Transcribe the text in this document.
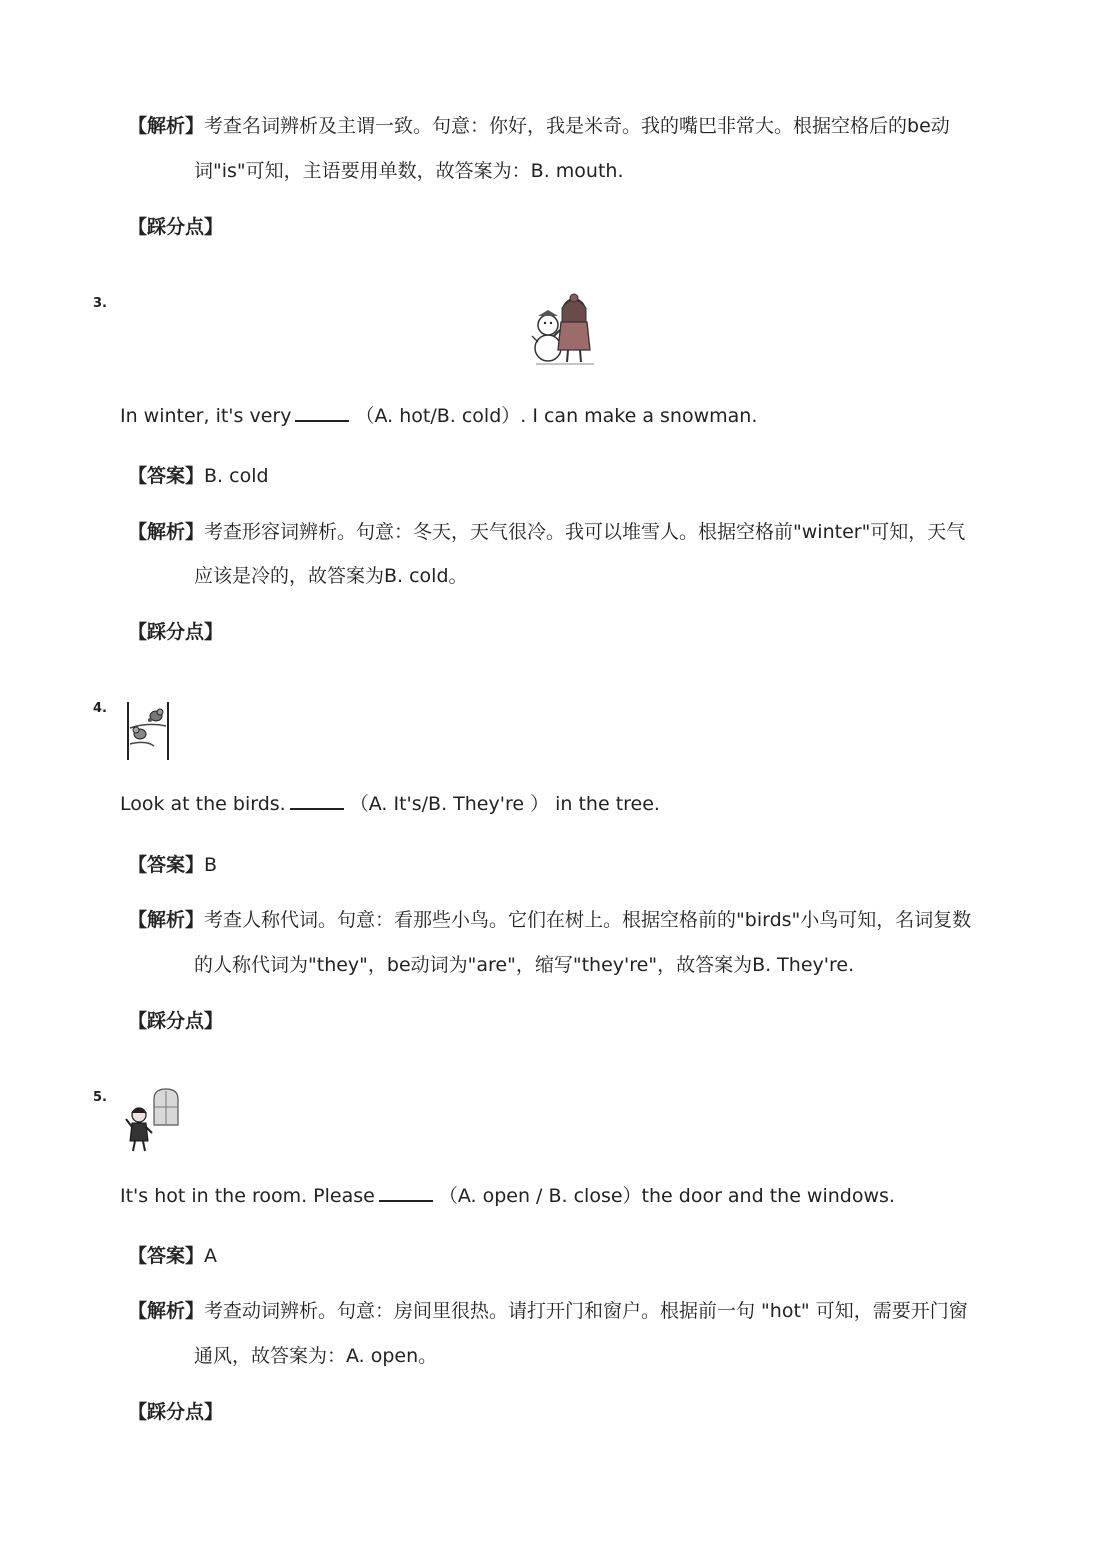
【解析】考查名词辨析及主谓一致。句意：你好，我是米奇。我的嘴巴非常大。根据空格后的be动
词"is"可知，主语要用单数，故答案为：B. mouth.
【踩分点】
3.
In winter, it's very	（A. hot/B. cold）. I can make a snowman.
【答案】B. cold
【解析】考查形容词辨析。句意：冬天，天气很冷。我可以堆雪人。根据空格前"winter"可知，天气
应该是冷的，故答案为B. cold。
【踩分点】
4.
Look at the birds.	（A. It's/B. They're ） in the tree.
【答案】B
【解析】考查人称代词。句意：看那些小鸟。它们在树上。根据空格前的"birds"小鸟可知，名词复数
的人称代词为"they"，be动词为"are"，缩写"they're"，故答案为B. They're.
【踩分点】
5.
It's hot in the room. Please	（A. open / B. close）the door and the windows.
【答案】A
【解析】考查动词辨析。句意：房间里很热。请打开门和窗户。根据前一句 "hot" 可知，需要开门窗
通风，故答案为：A. open。
【踩分点】
